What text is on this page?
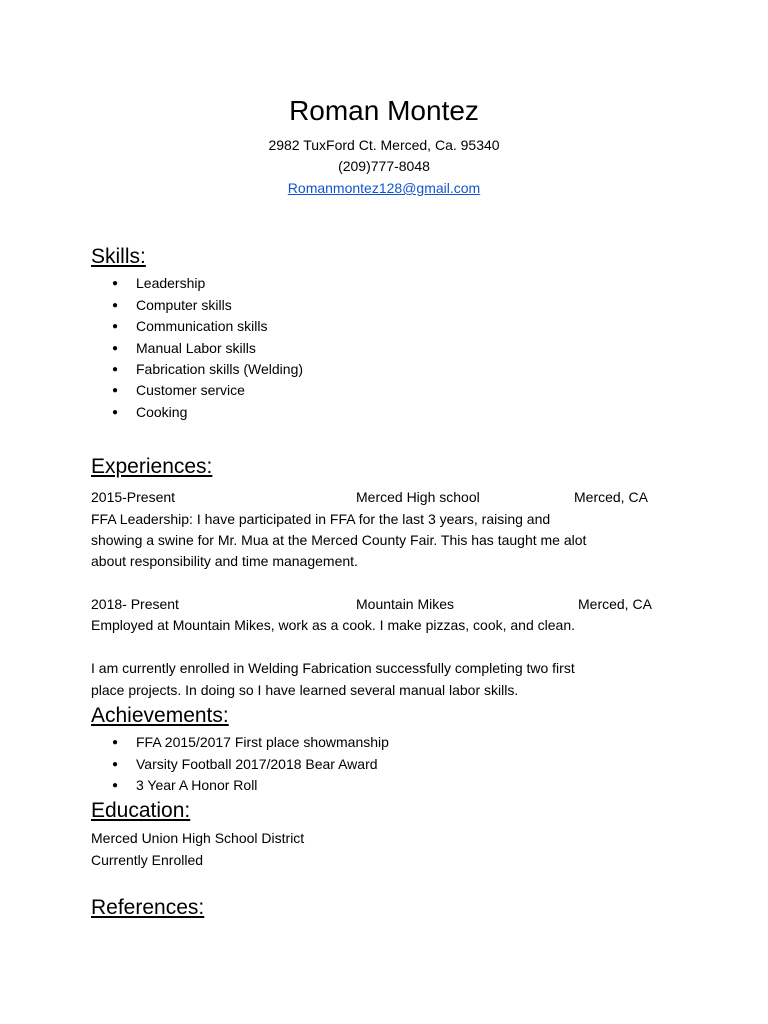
Roman Montez
2982 TuxFord Ct. Merced, Ca. 95340
(209)777-8048
Romanmontez128@gmail.com
Skills:
● Leadership
● Computer skills
● Communication skills
● Manual Labor skills
● Fabrication skills (Welding)
● Customer service
● Cooking
Experiences:
2015-Present	Merced High school	Merced, CA
FFA Leadership: I have participated in FFA for the last 3 years, raising and
showing a swine for Mr. Mua at the Merced County Fair. This has taught me alot
about responsibility and time management.
2018- Present	Mountain Mikes	Merced, CA
Employed at Mountain Mikes, work as a cook. I make pizzas, cook, and clean.
I am currently enrolled in Welding Fabrication successfully completing two first
place projects. In doing so I have learned several manual labor skills.
Achievements:
● FFA 2015/2017 First place showmanship
● Varsity Football 2017/2018 Bear Award
● 3 Year A Honor Roll
Education:
Merced Union High School District
Currently Enrolled
References:
